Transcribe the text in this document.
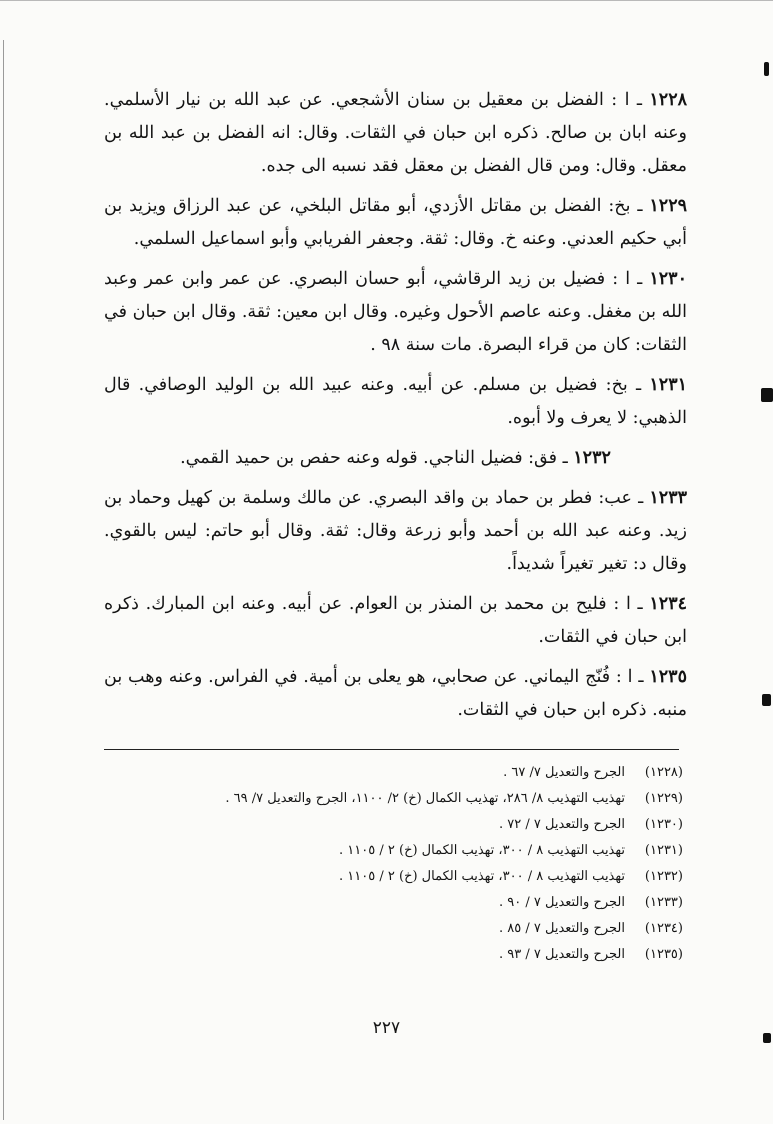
١٢٢٨ ـ ا : الفضل بن معقيل بن سنان الأشجعي. عن عبد الله بن نيار الأسلمي. وعنه ابان بن صالح. ذكره ابن حبان في الثقات. وقال: انه الفضل بن عبد الله بن معقل. وقال: ومن قال الفضل بن معقل فقد نسبه الى جده.

١٢٢٩ ـ بخ: الفضل بن مقاتل الأزدي، أبو مقاتل البلخي، عن عبد الرزاق ويزيد بن أبي حكيم العدني. وعنه خ. وقال: ثقة. وجعفر الفريابي وأبو اسماعيل السلمي.

١٢٣٠ ـ ا : فضيل بن زيد الرقاشي، أبو حسان البصري. عن عمر وابن عمر وعبد الله بن مغفل. وعنه عاصم الأحول وغيره. وقال ابن معين: ثقة. وقال ابن حبان في الثقات: كان من قراء البصرة. مات سنة ٩٨ .

١٢٣١ ـ بخ: فضيل بن مسلم. عن أبيه. وعنه عبيد الله بن الوليد الوصافي. قال الذهبي: لا يعرف ولا أبوه.

١٢٣٢ ـ فق: فضيل الناجي. قوله وعنه حفص بن حميد القمي.

١٢٣٣ ـ عب: فطر بن حماد بن واقد البصري. عن مالك وسلمة بن كهيل وحماد بن زيد. وعنه عبد الله بن أحمد وأبو زرعة وقال: ثقة. وقال أبو حاتم: ليس بالقوي. وقال د: تغير تغيراً شديداً.

١٢٣٤ ـ ا : فليح بن محمد بن المنذر بن العوام. عن أبيه. وعنه ابن المبارك. ذكره ابن حبان في الثقات.

١٢٣٥ ـ ا : فُنّج اليماني. عن صحابي، هو يعلى بن أمية. في الفراس. وعنه وهب بن منبه. ذكره ابن حبان في الثقات.

(١٢٢٨)الجرح والتعديل ٧/ ٦٧ .
(١٢٢٩)تهذيب التهذيب ٨/ ٢٨٦، تهذيب الكمال (خ) ٢/ ١١٠٠، الجرح والتعديل ٧/ ٦٩ .
(١٢٣٠)الجرح والتعديل ٧ / ٧٢ .
(١٢٣١)تهذيب التهذيب ٨ / ٣٠٠، تهذيب الكمال (خ) ٢ / ١١٠٥ .
(١٢٣٢)تهذيب التهذيب ٨ / ٣٠٠، تهذيب الكمال (خ) ٢ / ١١٠٥ .
(١٢٣٣)الجرح والتعديل ٧ / ٩٠ .
(١٢٣٤)الجرح والتعديل ٧ / ٨٥ .
(١٢٣٥)الجرح والتعديل ٧ / ٩٣ .
٢٢٧
